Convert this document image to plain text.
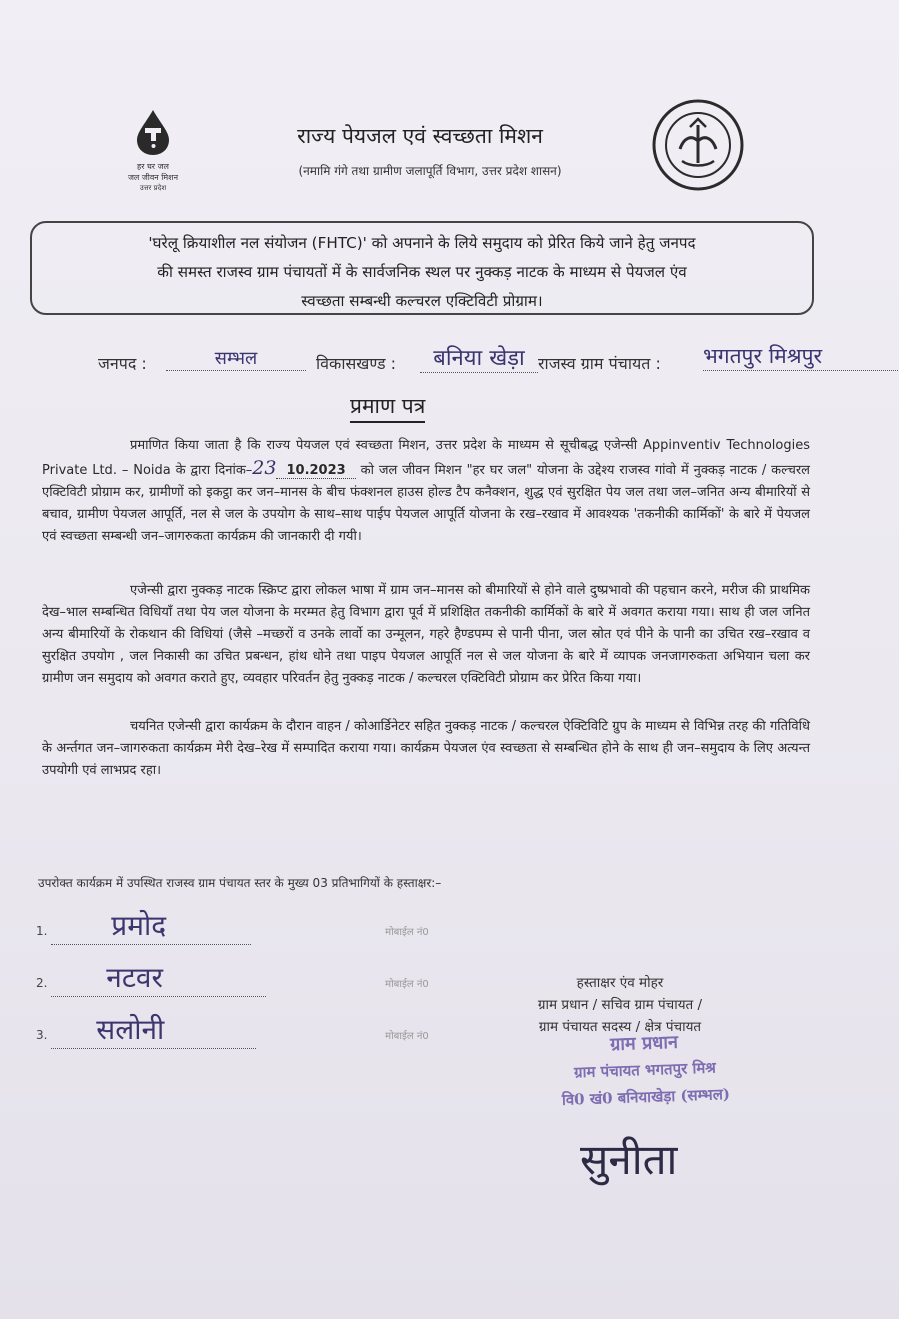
हर घर जल
जल जीवन मिशन
उत्तर प्रदेश
राज्य पेयजल एवं स्वच्छता मिशन
(नमामि गंगे तथा ग्रामीण जलापूर्ति विभाग, उत्तर प्रदेश शासन)
'घरेलू क्रियाशील नल संयोजन (FHTC)' को अपनाने के लिये समुदाय को प्रेरित किये जाने हेतु जनपद
की समस्त राजस्व ग्राम पंचायतों में के सार्वजनिक स्थल पर नुक्कड़ नाटक के माध्यम से पेयजल एंव
स्वच्छता सम्बन्धी कल्चरल एक्टिविटी प्रोग्राम।
जनपद :	सम्भल	विकासखण्ड :	बनिया खेड़ा राजस्व ग्राम पंचायत : भगतपुर मिश्रपुर
प्रमाण पत्र
प्रमाणित किया जाता है कि राज्य पेयजल एवं स्वच्छता मिशन, उत्तर प्रदेश के माध्यम से सूचीबद्ध एजेन्सी Appinventiv Technologies Private Ltd. – Noida के द्वारा दिनांक–23 10.2023 को जल जीवन मिशन "हर घर जल" योजना के उद्देश्य राजस्व गांवो में नुक्कड़ नाटक / कल्चरल एक्टिविटी प्रोग्राम कर, ग्रामीणों को इकट्ठा कर जन–मानस के बीच फंक्शनल हाउस होल्ड टैप कनैक्शन, शुद्ध एवं सुरक्षित पेय जल तथा जल–जनित अन्य बीमारियों से बचाव, ग्रामीण पेयजल आपूर्ति, नल से जल के उपयोग के साथ–साथ पाईप पेयजल आपूर्ति योजना के रख–रखाव में आवश्यक 'तकनीकी कार्मिकों' के बारे में पेयजल एवं स्वच्छता सम्बन्धी जन–जागरुकता कार्यक्रम की जानकारी दी गयी।
एजेन्सी द्वारा नुक्कड़ नाटक स्क्रिप्ट द्वारा लोकल भाषा में ग्राम जन–मानस को बीमारियों से होने वाले दुष्प्रभावो की पहचान करने, मरीज की प्राथमिक देख–भाल सम्बन्धित विधियाँ तथा पेय जल योजना के मरम्मत हेतु विभाग द्वारा पूर्व में प्रशिक्षित तकनीकी कार्मिकों के बारे में अवगत कराया गया। साथ ही जल जनित अन्य बीमारियों के रोकथान की विधियां (जैसे –मच्छरों व उनके लार्वो का उन्मूलन, गहरे हैण्डपम्प से पानी पीना, जल स्रोत एवं पीने के पानी का उचित रख–रखाव व सुरक्षित उपयोग , जल निकासी का उचित प्रबन्धन, हांथ धोने तथा पाइप पेयजल आपूर्ति नल से जल योजना के बारे में व्यापक जनजागरुकता अभियान चला कर ग्रामीण जन समुदाय को अवगत कराते हुए, व्यवहार परिवर्तन हेतु नुक्कड़ नाटक / कल्चरल एक्टिविटी प्रोग्राम कर प्रेरित किया गया।
चयनित एजेन्सी द्वारा कार्यक्रम के दौरान वाहन / कोआर्डिनेटर सहित नुक्कड़ नाटक / कल्चरल ऐक्टिविटि ग्रुप के माध्यम से विभिन्न तरह की गतिविधि के अर्न्तगत जन–जागरुकता कार्यक्रम मेरी देख–रेख में सम्पादित कराया गया। कार्यक्रम पेयजल एंव स्वच्छता से सम्बन्धित होने के साथ ही जन–समुदाय के लिए अत्यन्त उपयोगी एवं लाभप्रद रहा।
उपरोक्त कार्यक्रम में उपस्थित राजस्व ग्राम पंचायत स्तर के मुख्य 03 प्रतिभागियों के हस्ताक्षर:–
1. प्रमोद	मोबाईल नं0
2. नटवर	मोबाईल नं0
3. सलोनी	मोबाईल नं0
हस्ताक्षर एंव मोहर
ग्राम प्रधान / सचिव ग्राम पंचायत /
ग्राम पंचायत सदस्य / क्षेत्र पंचायत
ग्राम प्रधान
ग्राम पंचायत भगतपुर मिश्र
वि0 खं0 बनियाखेड़ा (सम्भल)
सुनीता
